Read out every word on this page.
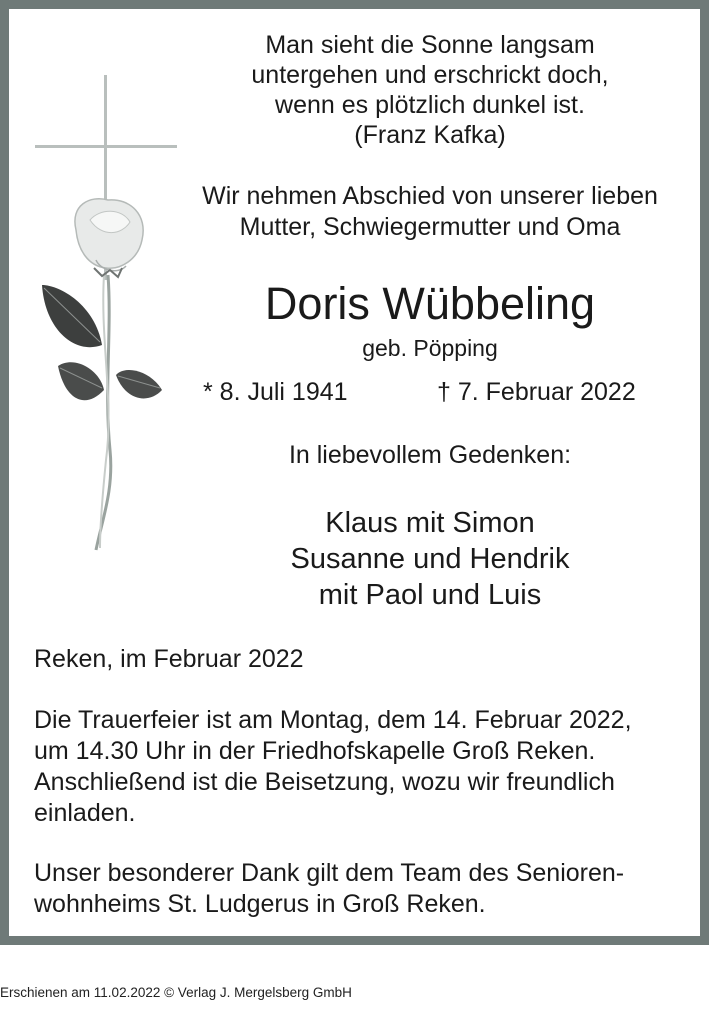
Man sieht die Sonne langsam
untergehen und erschrickt doch,
wenn es plötzlich dunkel ist.
(Franz Kafka)
Wir nehmen Abschied von unserer lieben
Mutter, Schwiegermutter und Oma
Doris Wübbeling
geb. Pöpping
* 8. Juli 1941	† 7. Februar 2022
In liebevollem Gedenken:
Klaus mit Simon
Susanne und Hendrik
mit Paol und Luis
Reken, im Februar 2022
Die Trauerfeier ist am Montag, dem 14. Februar 2022,
um 14.30 Uhr in der Friedhofskapelle Groß Reken.
Anschließend ist die Beisetzung, wozu wir freundlich
einladen.
Unser besonderer Dank gilt dem Team des Senioren-
wohnheims St. Ludgerus in Groß Reken.
Erschienen am 11.02.2022 © Verlag J. Mergelsberg GmbH
